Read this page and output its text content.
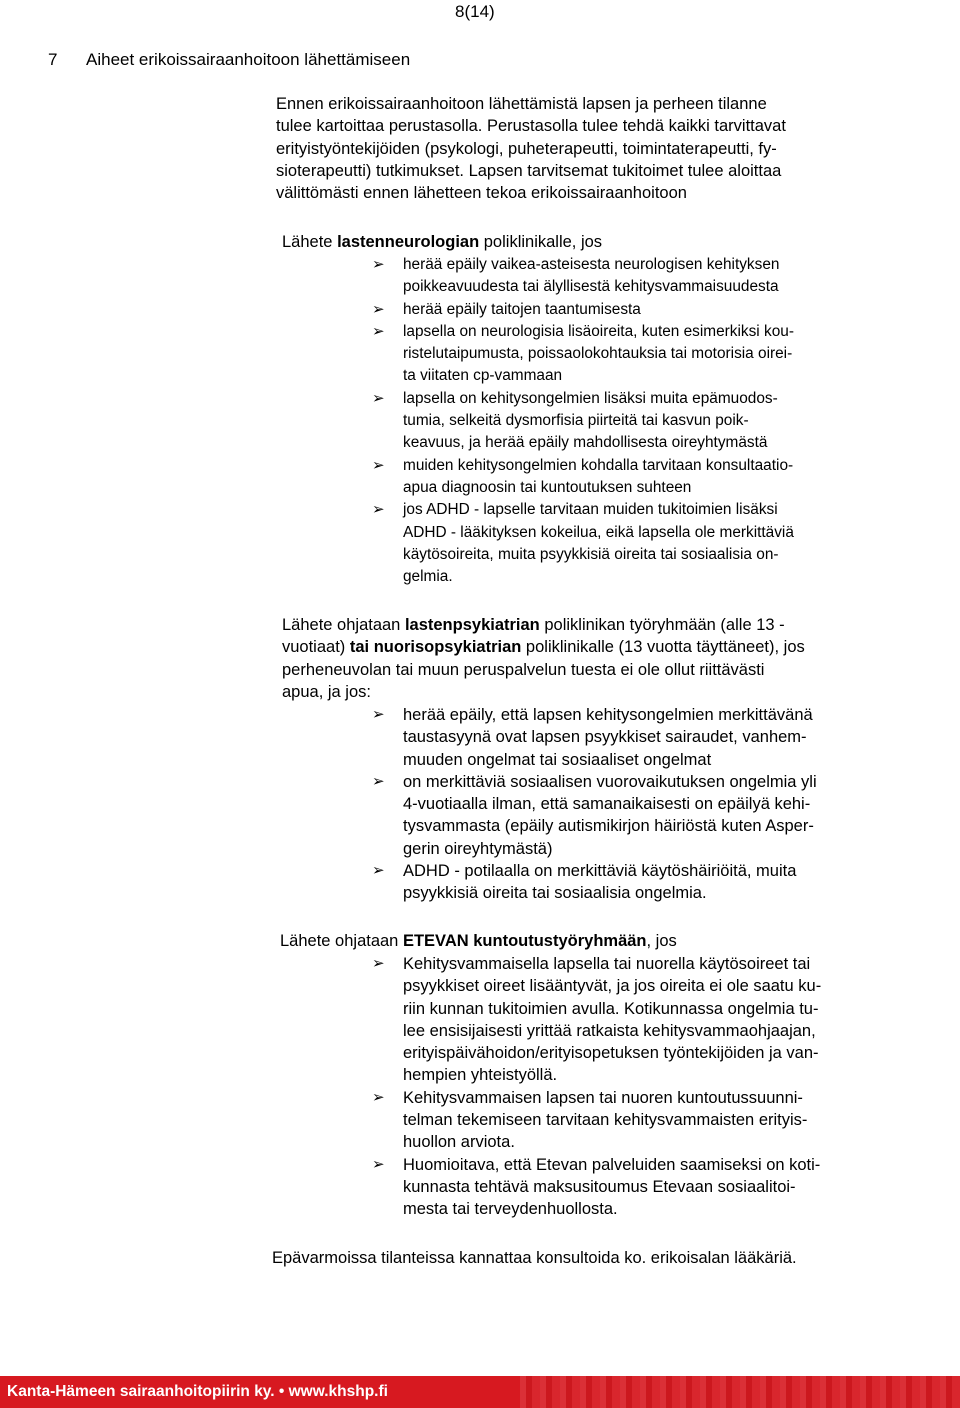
8(14)
7 Aiheet erikoissairaanhoitoon lähettämiseen

Ennen erikoissairaanhoitoon lähettämistä lapsen ja perheen tilanne
tulee kartoittaa perustasolla. Perustasolla tulee tehdä kaikki tarvittavat
erityistyöntekijöiden (psykologi, puheterapeutti, toimintaterapeutti, fy-
sioterapeutti) tutkimukset. Lapsen tarvitsemat tukitoimet tulee aloittaa
välittömästi ennen lähetteen tekoa erikoissairaanhoitoon

Lähete lastenneurologian poliklinikalle, jos

➢ herää epäily vaikea-asteisesta neurologisen kehityksen
poikkeavuudesta tai älyllisestä kehitysvammaisuudesta
➢ herää epäily taitojen taantumisesta
➢ lapsella on neurologisia lisäoireita, kuten esimerkiksi kou-
ristelutaipumusta, poissaolokohtauksia tai motorisia oirei-
ta viitaten cp-vammaan
➢ lapsella on kehitysongelmien lisäksi muita epämuodos-
tumia, selkeitä dysmorfisia piirteitä tai kasvun poik-
keavuus, ja herää epäily mahdollisesta oireyhtymästä
➢ muiden kehitysongelmien kohdalla tarvitaan konsultaatio-
apua diagnoosin tai kuntoutuksen suhteen
➢ jos ADHD - lapselle tarvitaan muiden tukitoimien lisäksi
ADHD - lääkityksen kokeilua, eikä lapsella ole merkittäviä
käytösoireita, muita psyykkisiä oireita tai sosiaalisia on-
gelmia.

Lähete ohjataan lastenpsykiatrian poliklinikan työryhmään (alle 13 -
vuotiaat) tai nuorisopsykiatrian poliklinikalle (13 vuotta täyttäneet), jos
perheneuvolan tai muun peruspalvelun tuesta ei ole ollut riittävästi
apua, ja jos:

➢ herää epäily, että lapsen kehitysongelmien merkittävänä
taustasyynä ovat lapsen psyykkiset sairaudet, vanhem-
muuden ongelmat tai sosiaaliset ongelmat
➢ on merkittäviä sosiaalisen vuorovaikutuksen ongelmia yli
4-vuotiaalla ilman, että samanaikaisesti on epäilyä kehi-
tysvammasta (epäily autismikirjon häiriöstä kuten Asper-
gerin oireyhtymästä)
➢ ADHD - potilaalla on merkittäviä käytöshäiriöitä, muita
psyykkisiä oireita tai sosiaalisia ongelmia.

Lähete ohjataan ETEVAN kuntoutustyöryhmään, jos

➢ Kehitysvammaisella lapsella tai nuorella käytösoireet tai
psyykkiset oireet lisääntyvät, ja jos oireita ei ole saatu ku-
riin kunnan tukitoimien avulla. Kotikunnassa ongelmia tu-
lee ensisijaisesti yrittää ratkaista kehitysvammaohjaajan,
erityispäivähoidon/erityisopetuksen työntekijöiden ja van-
hempien yhteistyöllä.
➢ Kehitysvammaisen lapsen tai nuoren kuntoutussuunni-
telman tekemiseen tarvitaan kehitysvammaisten erityis-
huollon arviota.
➢ Huomioitava, että Etevan palveluiden saamiseksi on koti-
kunnasta tehtävä maksusitoumus Etevaan sosiaalitoi-
mesta tai terveydenhuollosta.

Epävarmoissa tilanteissa kannattaa konsultoida ko. erikoisalan lääkäriä.

Kanta-Hämeen sairaanhoitopiirin ky. • www.khshp.fi
